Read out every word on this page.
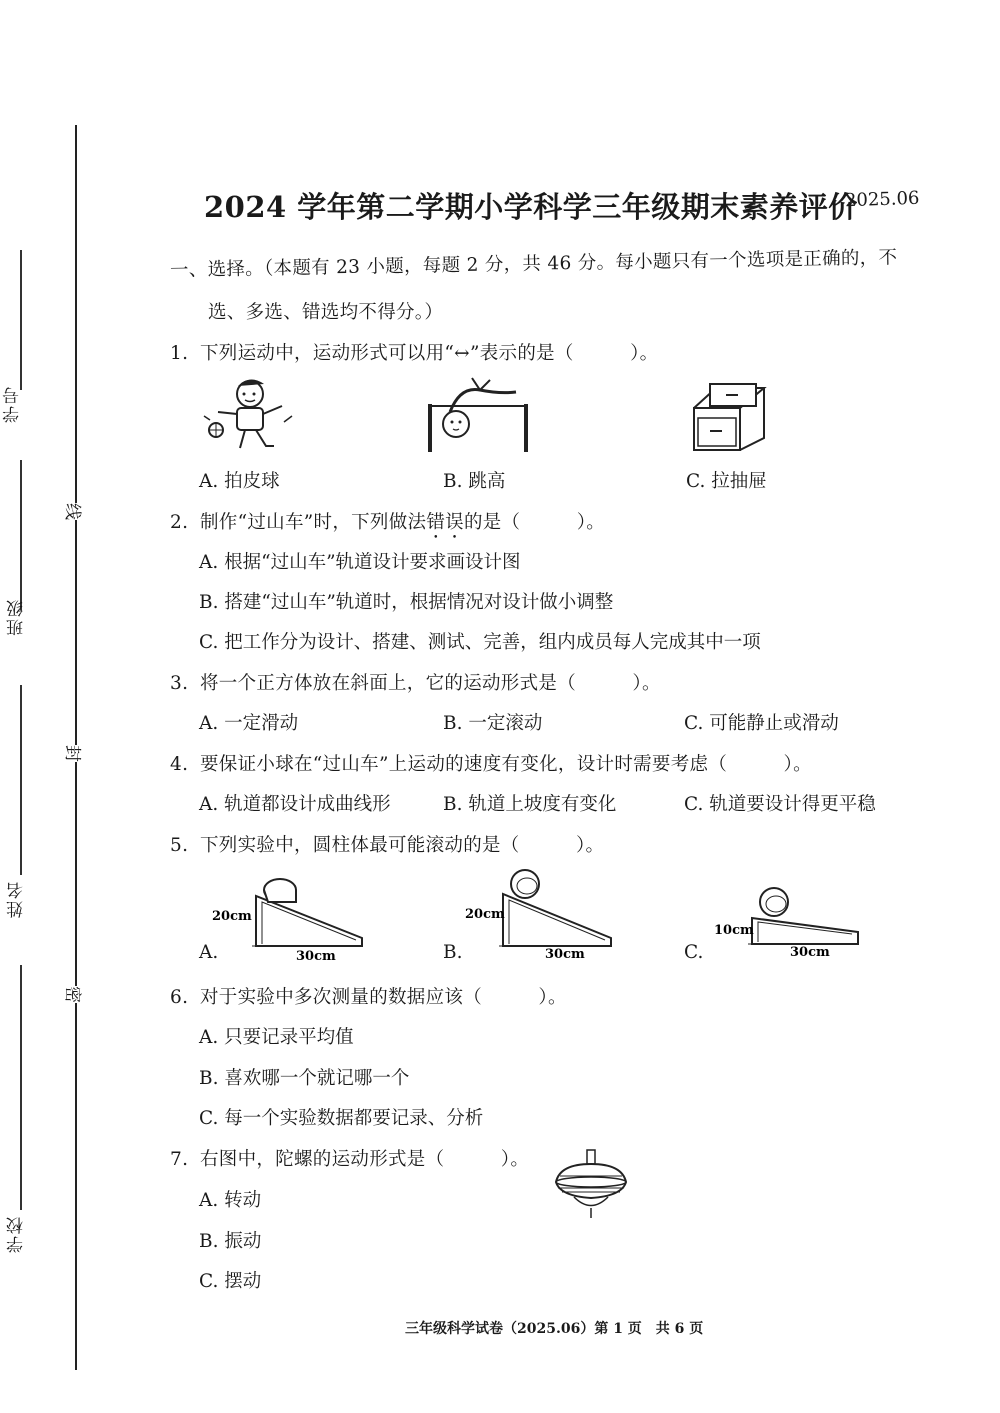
学号
班级
姓名
学校
线
封
密
2024 学年第二学期小学科学三年级期末素养评价
2025.06
一、选择。（本题有 23 小题，每题 2 分，共 46 分。每小题只有一个选项是正确的，不
选、多选、错选均不得分。）
1. 下列运动中，运动形式可以用“↔”表示的是（　　　）。
A. 拍皮球	B. 跳高	C. 拉抽屉
2. 制作“过山车”时，下列做法错误的是（　　　）。
A. 根据“过山车”轨道设计要求画设计图
B. 搭建“过山车”轨道时，根据情况对设计做小调整
C. 把工作分为设计、搭建、测试、完善，组内成员每人完成其中一项
3. 将一个正方体放在斜面上，它的运动形式是（　　　）。
A. 一定滑动	B. 一定滚动	C. 可能静止或滑动
4. 要保证小球在“过山车”上运动的速度有变化，设计时需要考虑（　　　）。
A. 轨道都设计成曲线形	B. 轨道上坡度有变化	C. 轨道要设计得更平稳
5. 下列实验中，圆柱体最可能滚动的是（　　　）。
20cm
30cm
A.
20cm
30cm
B.
10cm
30cm
C.
6. 对于实验中多次测量的数据应该（　　　）。
A. 只要记录平均值
B. 喜欢哪一个就记哪一个
C. 每一个实验数据都要记录、分析
7. 右图中，陀螺的运动形式是（　　　）。
A. 转动
B. 振动
C. 摆动
三年级科学试卷（2025.06）第 1 页　共 6 页
